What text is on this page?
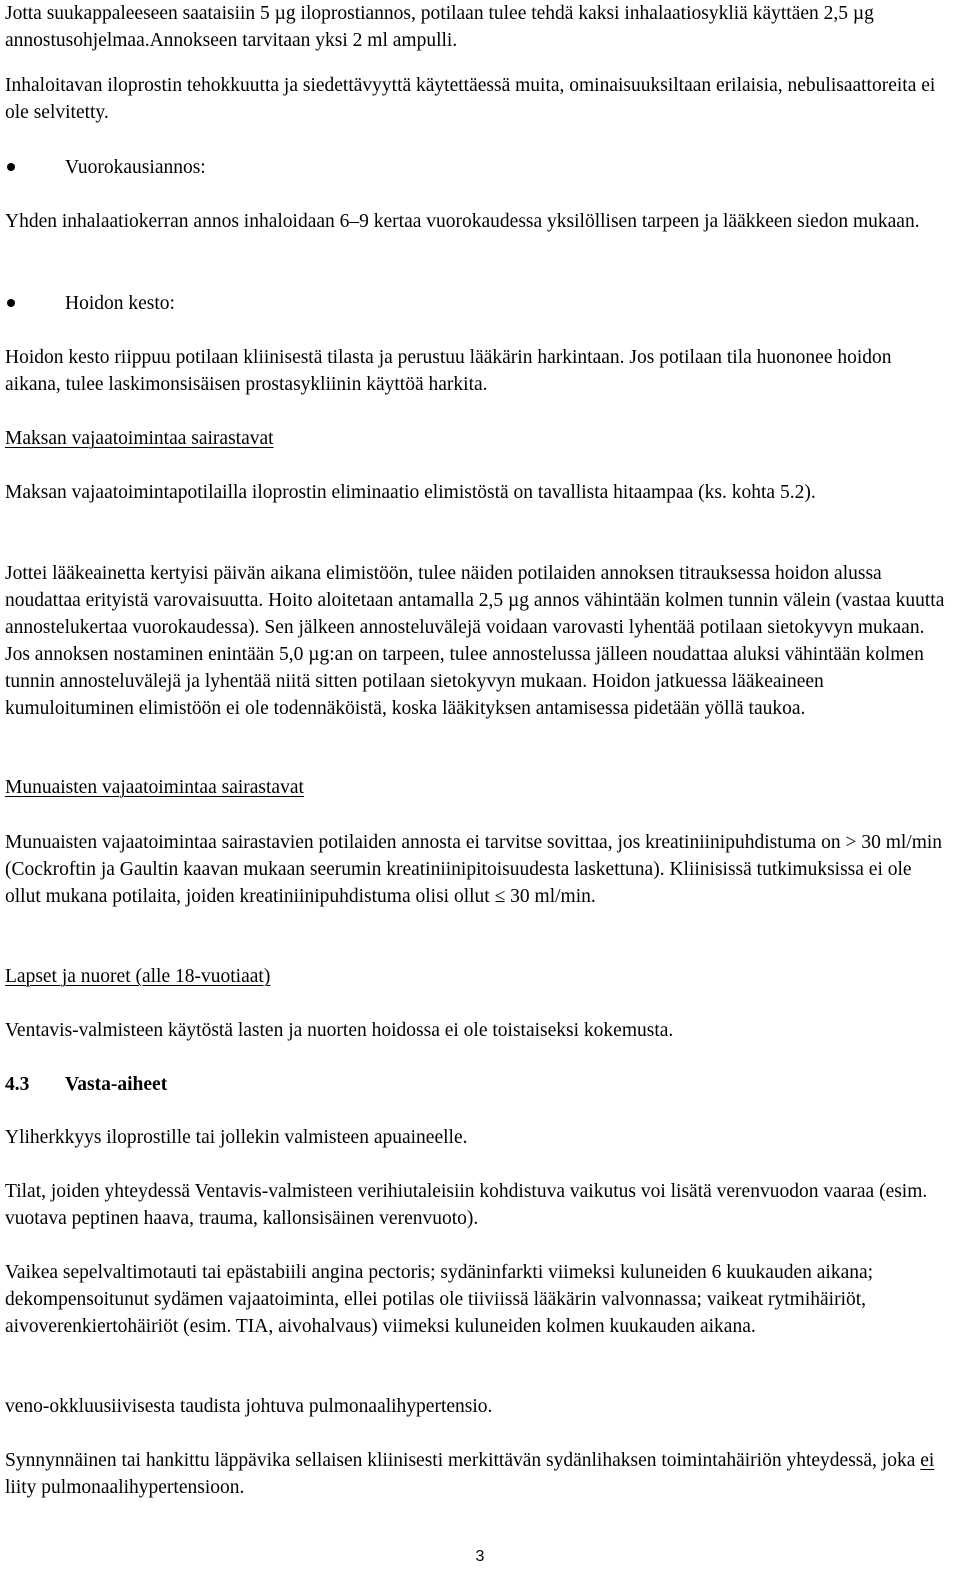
Jotta suukappaleeseen saataisiin 5 µg iloprostiannos, potilaan tulee tehdä kaksi inhalaatiosykliä käyttäen 2,5 µg annostusohjelmaa.Annokseen tarvitaan yksi 2 ml ampulli.

Inhaloitavan iloprostin tehokkuutta ja siedettävyyttä käytettäessä muita, ominaisuuksiltaan erilaisia, nebulisaattoreita ei ole selvitetty.

Vuorokausiannos:

Yhden inhalaatiokerran annos inhaloidaan 6–9 kertaa vuorokaudessa yksilöllisen tarpeen ja lääkkeen siedon mukaan.

Hoidon kesto:

Hoidon kesto riippuu potilaan kliinisestä tilasta ja perustuu lääkärin harkintaan. Jos potilaan tila huononee hoidon aikana, tulee laskimonsisäisen prostasykliinin käyttöä harkita.

Maksan vajaatoimintaa sairastavat

Maksan vajaatoimintapotilailla iloprostin eliminaatio elimistöstä on tavallista hitaampaa (ks. kohta 5.2).

Jottei lääkeainetta kertyisi päivän aikana elimistöön, tulee näiden potilaiden annoksen titrauksessa hoidon alussa noudattaa erityistä varovaisuutta. Hoito aloitetaan antamalla 2,5 µg annos vähintään kolmen tunnin välein (vastaa kuutta annostelukertaa vuorokaudessa). Sen jälkeen annosteluvälejä voidaan varovasti lyhentää potilaan sietokyvyn mukaan. Jos annoksen nostaminen enintään 5,0 µg:an on tarpeen, tulee annostelussa jälleen noudattaa aluksi vähintään kolmen tunnin annosteluvälejä ja lyhentää niitä sitten potilaan sietokyvyn mukaan. Hoidon jatkuessa lääkeaineen kumuloituminen elimistöön ei ole todennäköistä, koska lääkityksen antamisessa pidetään yöllä taukoa.

Munuaisten vajaatoimintaa sairastavat

Munuaisten vajaatoimintaa sairastavien potilaiden annosta ei tarvitse sovittaa, jos kreatiniinipuhdistuma on > 30 ml/min (Cockroftin ja Gaultin kaavan mukaan seerumin kreatiniinipitoisuudesta laskettuna). Kliinisissä tutkimuksissa ei ole ollut mukana potilaita, joiden kreatiniinipuhdistuma olisi ollut ≤ 30 ml/min.

Lapset ja nuoret (alle 18-vuotiaat)

Ventavis-valmisteen käytöstä lasten ja nuorten hoidossa ei ole toistaiseksi kokemusta.

4.3 Vasta-aiheet

Yliherkkyys iloprostille tai jollekin valmisteen apuaineelle.

Tilat, joiden yhteydessä Ventavis-valmisteen verihiutaleisiin kohdistuva vaikutus voi lisätä verenvuodon vaaraa (esim. vuotava peptinen haava, trauma, kallonsisäinen verenvuoto).

Vaikea sepelvaltimotauti tai epästabiili angina pectoris; sydäninfarkti viimeksi kuluneiden 6 kuukauden aikana; dekompensoitunut sydämen vajaatoiminta, ellei potilas ole tiiviissä lääkärin valvonnassa; vaikeat rytmihäiriöt, aivoverenkiertohäiriöt (esim. TIA, aivohalvaus) viimeksi kuluneiden kolmen kuukauden aikana.

veno-okkluusiivisesta taudista johtuva pulmonaalihypertensio.

Synnynnäinen tai hankittu läppävika sellaisen kliinisesti merkittävän sydänlihaksen toimintahäiriön yhteydessä, joka ei liity pulmonaalihypertensioon.

3
